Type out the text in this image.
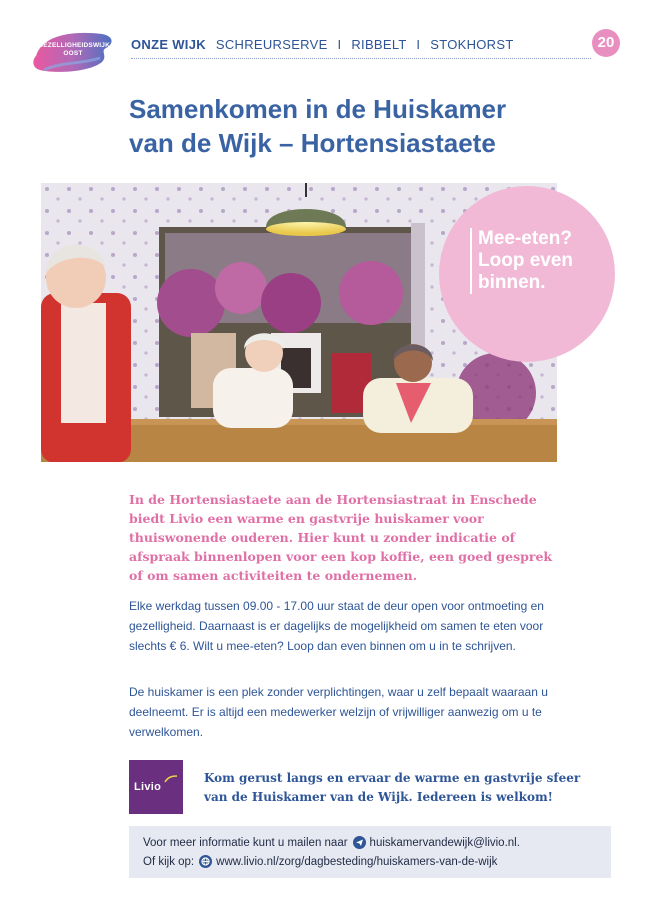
GEZELLIGHEIDSWIJK
OOST
ONZE WIJK SCHREURSERVE I RIBBELT I STOKHORST	20
Samenkomen in de Huiskamer
van de Wijk – Hortensiastaete
Mee-eten?
Loop even
binnen.

In de Hortensiastaete aan de Hortensiastraat in Enschede biedt Livio een warme en gastvrije huiskamer voor thuiswonende ouderen. Hier kunt u zonder indicatie of afspraak binnenlopen voor een kop koffie, een goed gesprek of om samen activiteiten te ondernemen.

Elke werkdag tussen 09.00 - 17.00 uur staat de deur open voor ontmoeting en gezelligheid. Daarnaast is er dagelijks de mogelijkheid om samen te eten voor slechts € 6. Wilt u mee-eten? Loop dan even binnen om u in te schrijven.

De huiskamer is een plek zonder verplichtingen, waar u zelf bepaalt waaraan u deelneemt. Er is altijd een medewerker welzijn of vrijwilliger aanwezig om u te verwelkomen.

Livio

Kom gerust langs en ervaar de warme en gastvrije sfeer
van de Huiskamer van de Wijk. Iedereen is welkom!

Voor meer informatie kunt u mailen naar huiskamervandewijk@livio.nl.
Of kijk op: www.livio.nl/zorg/dagbesteding/huiskamers-van-de-wijk
